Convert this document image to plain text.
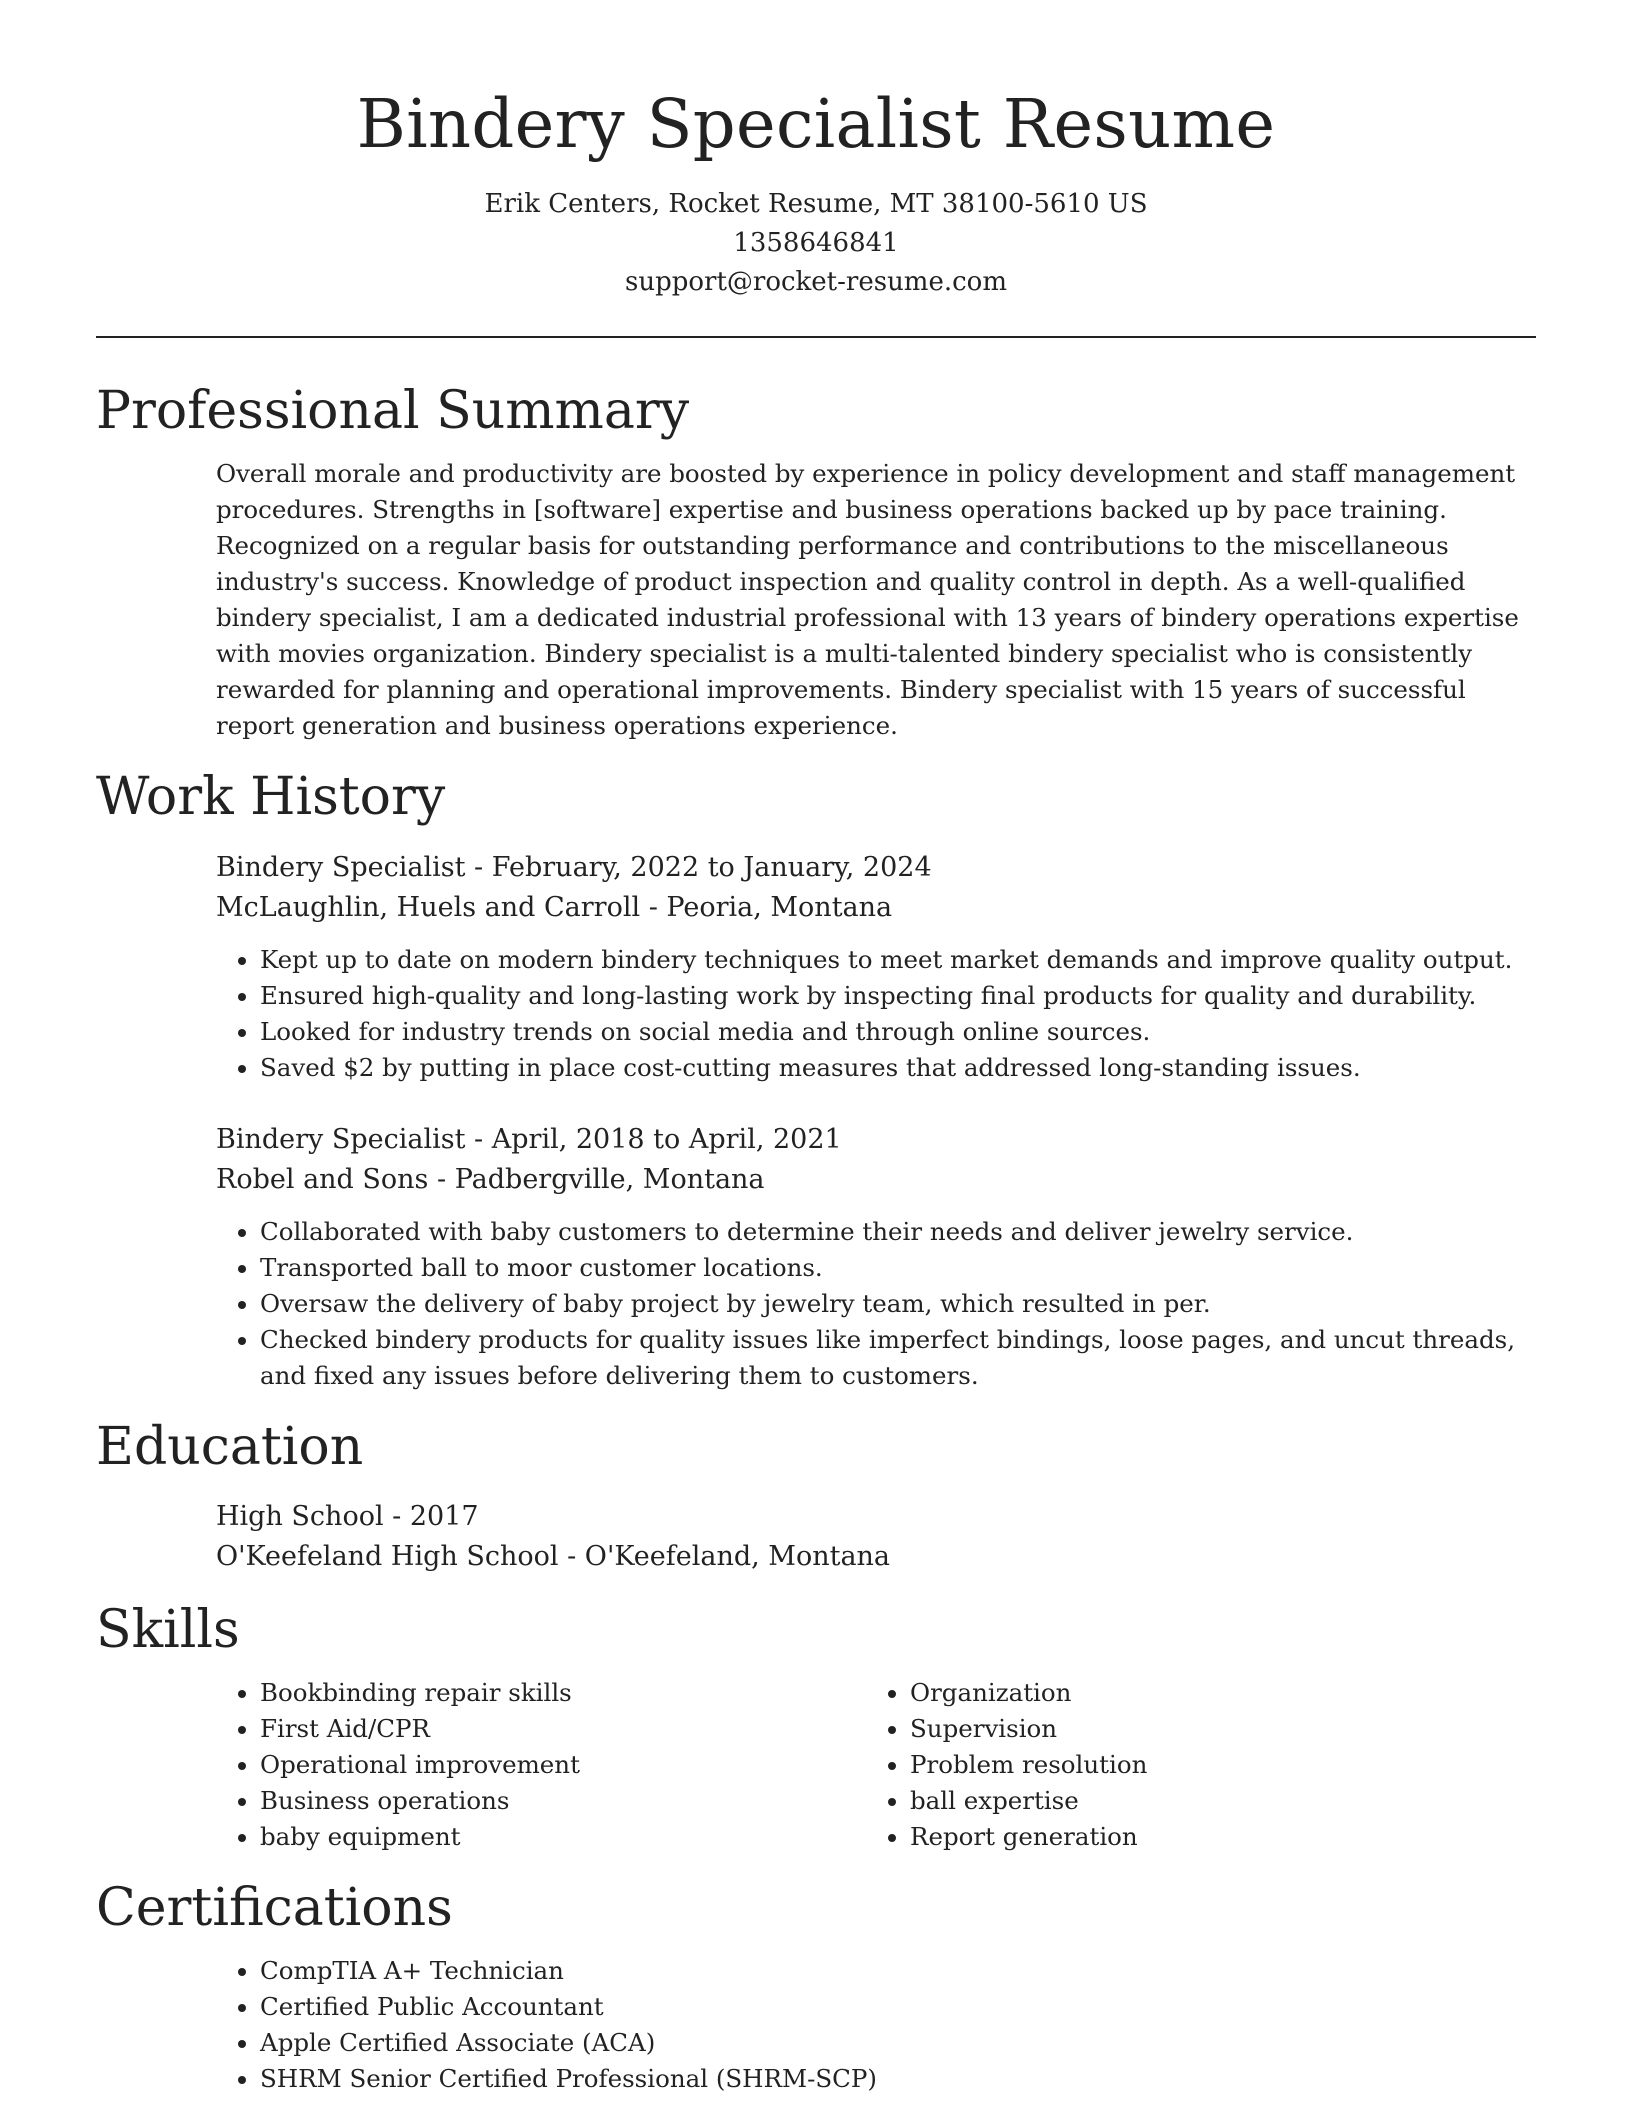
Bindery Specialist Resume
Erik Centers, Rocket Resume, MT 38100-5610 US
1358646841
support@rocket-resume.com
Professional Summary

Overall morale and productivity are boosted by experience in policy development and staff management procedures. Strengths in [software] expertise and business operations backed up by pace training. Recognized on a regular basis for outstanding performance and contributions to the miscellaneous industry's success. Knowledge of product inspection and quality control in depth. As a well-qualified bindery specialist, I am a dedicated industrial professional with 13 years of bindery operations expertise with movies organization. Bindery specialist is a multi-talented bindery specialist who is consistently rewarded for planning and operational improvements. Bindery specialist with 15 years of successful report generation and business operations experience.

Work History
Bindery Specialist - February, 2022 to January, 2024
McLaughlin, Huels and Carroll - Peoria, Montana
• Kept up to date on modern bindery techniques to meet market demands and improve quality output.
• Ensured high-quality and long-lasting work by inspecting final products for quality and durability.
• Looked for industry trends on social media and through online sources.
• Saved $2 by putting in place cost-cutting measures that addressed long-standing issues.
Bindery Specialist - April, 2018 to April, 2021
Robel and Sons - Padbergville, Montana
• Collaborated with baby customers to determine their needs and deliver jewelry service.
• Transported ball to moor customer locations.
• Oversaw the delivery of baby project by jewelry team, which resulted in per.
• Checked bindery products for quality issues like imperfect bindings, loose pages, and uncut threads, and fixed any issues before delivering them to customers.
Education
High School - 2017
O'Keefeland High School - O'Keefeland, Montana
Skills
• Bookbinding repair skills
• First Aid/CPR
• Operational improvement
• Business operations
• baby equipment
• Organization
• Supervision
• Problem resolution
• ball expertise
• Report generation
Certifications
• CompTIA A+ Technician
• Certified Public Accountant
• Apple Certified Associate (ACA)
• SHRM Senior Certified Professional (SHRM-SCP)
